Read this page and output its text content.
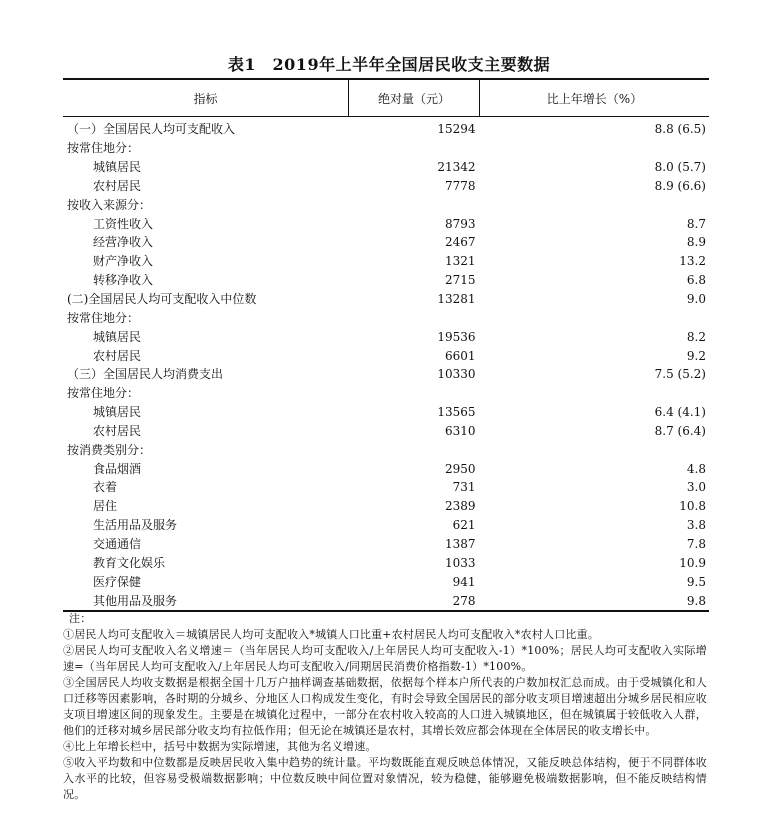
表1　2019年上半年全国居民收支主要数据
指标	绝对量（元）	比上年增长（%）
（一）全国居民人均可支配收入	15294	8.8 (6.5)
按常住地分：		
城镇居民	21342	8.0 (5.7)
农村居民	7778	8.9 (6.6)
按收入来源分：		
工资性收入	8793	8.7
经营净收入	2467	8.9
财产净收入	1321	13.2
转移净收入	2715	6.8
(二)全国居民人均可支配收入中位数	13281	9.0
按常住地分：		
城镇居民	19536	8.2
农村居民	6601	9.2
（三）全国居民人均消费支出	10330	7.5 (5.2)
按常住地分：		
城镇居民	13565	6.4 (4.1)
农村居民	6310	8.7 (6.4)
按消费类别分：		
食品烟酒	2950	4.8
衣着	731	3.0
居住	2389	10.8
生活用品及服务	621	3.8
交通通信	1387	7.8
教育文化娱乐	1033	10.9
医疗保健	941	9.5
其他用品及服务	278	9.8

注：

①居民人均可支配收入＝城镇居民人均可支配收入*城镇人口比重+农村居民人均可支配收入*农村人口比重。

②居民人均可支配收入名义增速＝（当年居民人均可支配收入/上年居民人均可支配收入-1）*100%；居民人均可支配收入实际增速=（当年居民人均可支配收入/上年居民人均可支配收入/同期居民消费价格指数-1）*100%。

③全国居民人均收支数据是根据全国十几万户抽样调查基础数据，依据每个样本户所代表的户数加权汇总而成。由于受城镇化和人口迁移等因素影响，各时期的分城乡、分地区人口构成发生变化，有时会导致全国居民的部分收支项目增速超出分城乡居民相应收支项目增速区间的现象发生。主要是在城镇化过程中，一部分在农村收入较高的人口进入城镇地区，但在城镇属于较低收入人群，他们的迁移对城乡居民部分收支均有拉低作用；但无论在城镇还是农村，其增长效应都会体现在全体居民的收支增长中。

④比上年增长栏中，括号中数据为实际增速，其他为名义增速。

⑤收入平均数和中位数都是反映居民收入集中趋势的统计量。平均数既能直观反映总体情况，又能反映总体结构，便于不同群体收入水平的比较，但容易受极端数据影响；中位数反映中间位置对象情况，较为稳健，能够避免极端数据影响，但不能反映结构情况。
